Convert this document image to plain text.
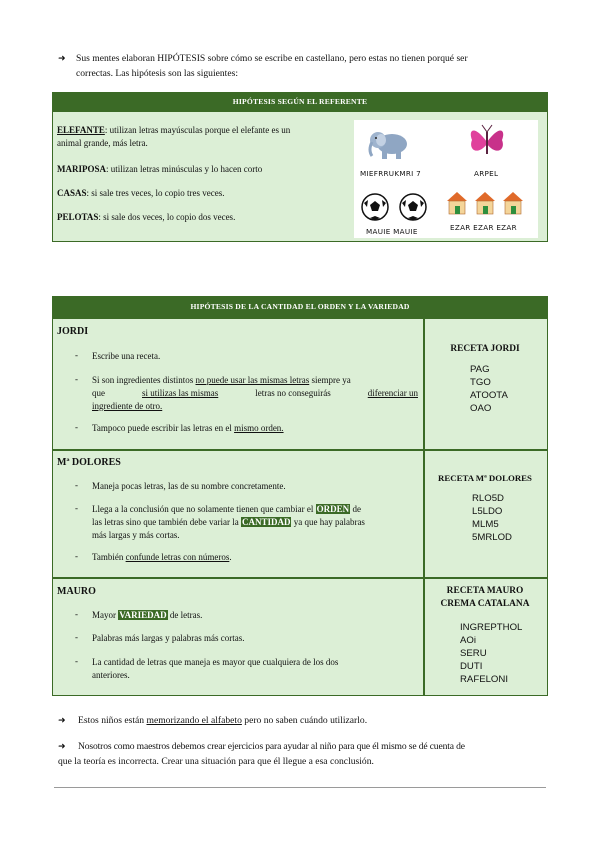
➜ Sus mentes elaboran HIPÓTESIS sobre cómo se escribe en castellano, pero estas no tienen porqué ser
correctas. Las hipótesis son las siguientes:
HIPÓTESIS SEGÚN EL REFERENTE
ELEFANTE: utilizan letras mayúsculas porque el elefante es un
animal grande, más letra.
MARIPOSA: utilizan letras minúsculas y lo hacen corto
CASAS: si sale tres veces, lo copio tres veces.
PELOTAS: si sale dos veces, lo copio dos veces.
MIEFRRUKMRI 7	ARPEL
MAUIE MAUIE	EZAR EZAR EZAR
HIPÓTESIS DE LA CANTIDAD EL ORDEN Y LA VARIEDAD
JORDI
- Escribe una receta.
- Si son ingredientes distintos no puede usar las mismas letras siempre ya
que	si utilizas las mismas	letras no conseguirás	diferenciar un
ingrediente de otro.
- Tampoco puede escribir las letras en el mismo orden.
RECETA JORDI
PAG
TGO
ATOOTA
OAO
Mª DOLORES
- Maneja pocas letras, las de su nombre concretamente.
- Llega a la conclusión que no solamente tienen que cambiar el ORDEN de
las letras sino que también debe variar la CANTIDAD ya que hay palabras
más largas y más cortas.
- También confunde letras con números.
RECETA Mª DOLORES
RLO5D
L5LDO
MLM5
5MRLOD
MAURO
- Mayor VARIEDAD de letras.
- Palabras más largas y palabras más cortas.
- La cantidad de letras que maneja es mayor que cualquiera de los dos
anteriores.
RECETA MAURO
CREMA CATALANA
INGREPTHOL
AOi
SERU
DUTI
RAFELONI
➜ Estos niños están memorizando el alfabeto pero no saben cuándo utilizarlo.
➜ Nosotros como maestros debemos crear ejercicios para ayudar al niño para que él mismo se dé cuenta de
que la teoría es incorrecta. Crear una situación para que él llegue a esa conclusión.
